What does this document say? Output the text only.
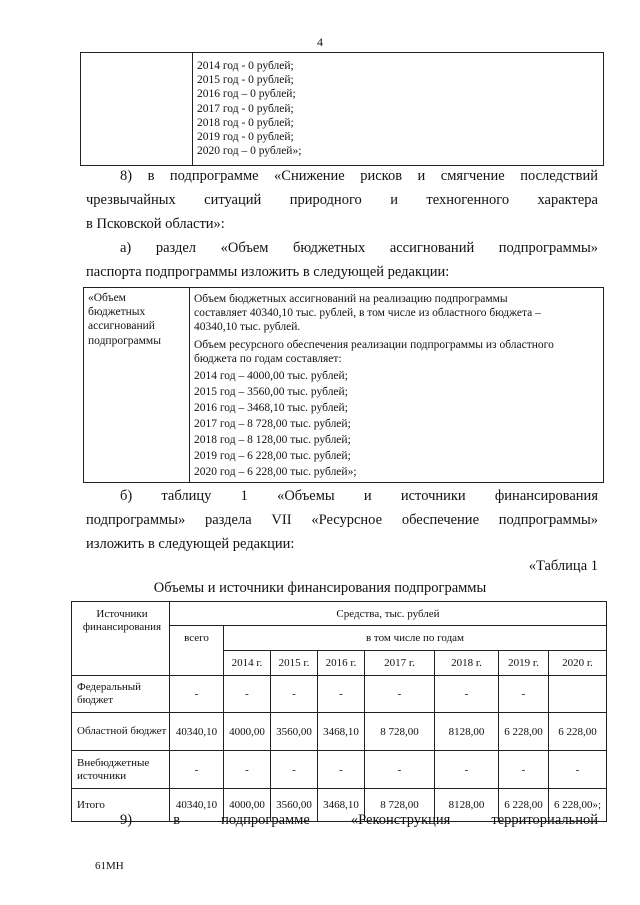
4
2014 год - 0 рублей;
2015 год - 0 рублей;
2016 год – 0 рублей;
2017 год - 0 рублей;
2018 год - 0 рублей;
2019 год - 0 рублей;
2020 год – 0 рублей»;
8) в подпрограмме «Снижение рисков и смягчение последствий
чрезвычайных ситуаций природного и техногенного характера
в Псковской области»:
а) раздел «Объем бюджетных ассигнований подпрограммы»
паспорта подпрограммы изложить в следующей редакции:
«Объем
бюджетных
ассигнований
подпрограммы
Объем бюджетных ассигнований на реализацию подпрограммы
составляет 40340,10 тыс. рублей, в том числе из областного бюджета –
40340,10 тыс. рублей.
Объем ресурсного обеспечения реализации подпрограммы из областного
бюджета по годам составляет:
2014 год – 4000,00 тыс. рублей;
2015 год – 3560,00 тыс. рублей;
2016 год – 3468,10 тыс. рублей;
2017 год – 8 728,00 тыс. рублей;
2018 год – 8 128,00 тыс. рублей;
2019 год – 6 228,00 тыс. рублей;
2020 год – 6 228,00 тыс. рублей»;
б) таблицу 1 «Объемы и источники финансирования
подпрограммы» раздела VII «Ресурсное обеспечение подпрограммы»
изложить в следующей редакции:
«Таблица 1
Объемы и источники финансирования подпрограммы
Источники финансирования	Средства, тыс. рублей							
	всего	в том числе по годам						
		2014 г.	2015 г.	2016 г.	2017 г.	2018 г.	2019 г.	2020 г.
Федеральный бюджет	-	-	-	-	-	-	-	
Областной бюджет	40340,10	4000,00	3560,00	3468,10	8 728,00	8128,00	6 228,00	6 228,00
Внебюджетные источники	-	-	-	-	-	-	-	-
Итого	40340,10	4000,00	3560,00	3468,10	8 728,00	8128,00	6 228,00	6 228,00»;
9) в подпрограмме «Реконструкция территориальной
61МН
